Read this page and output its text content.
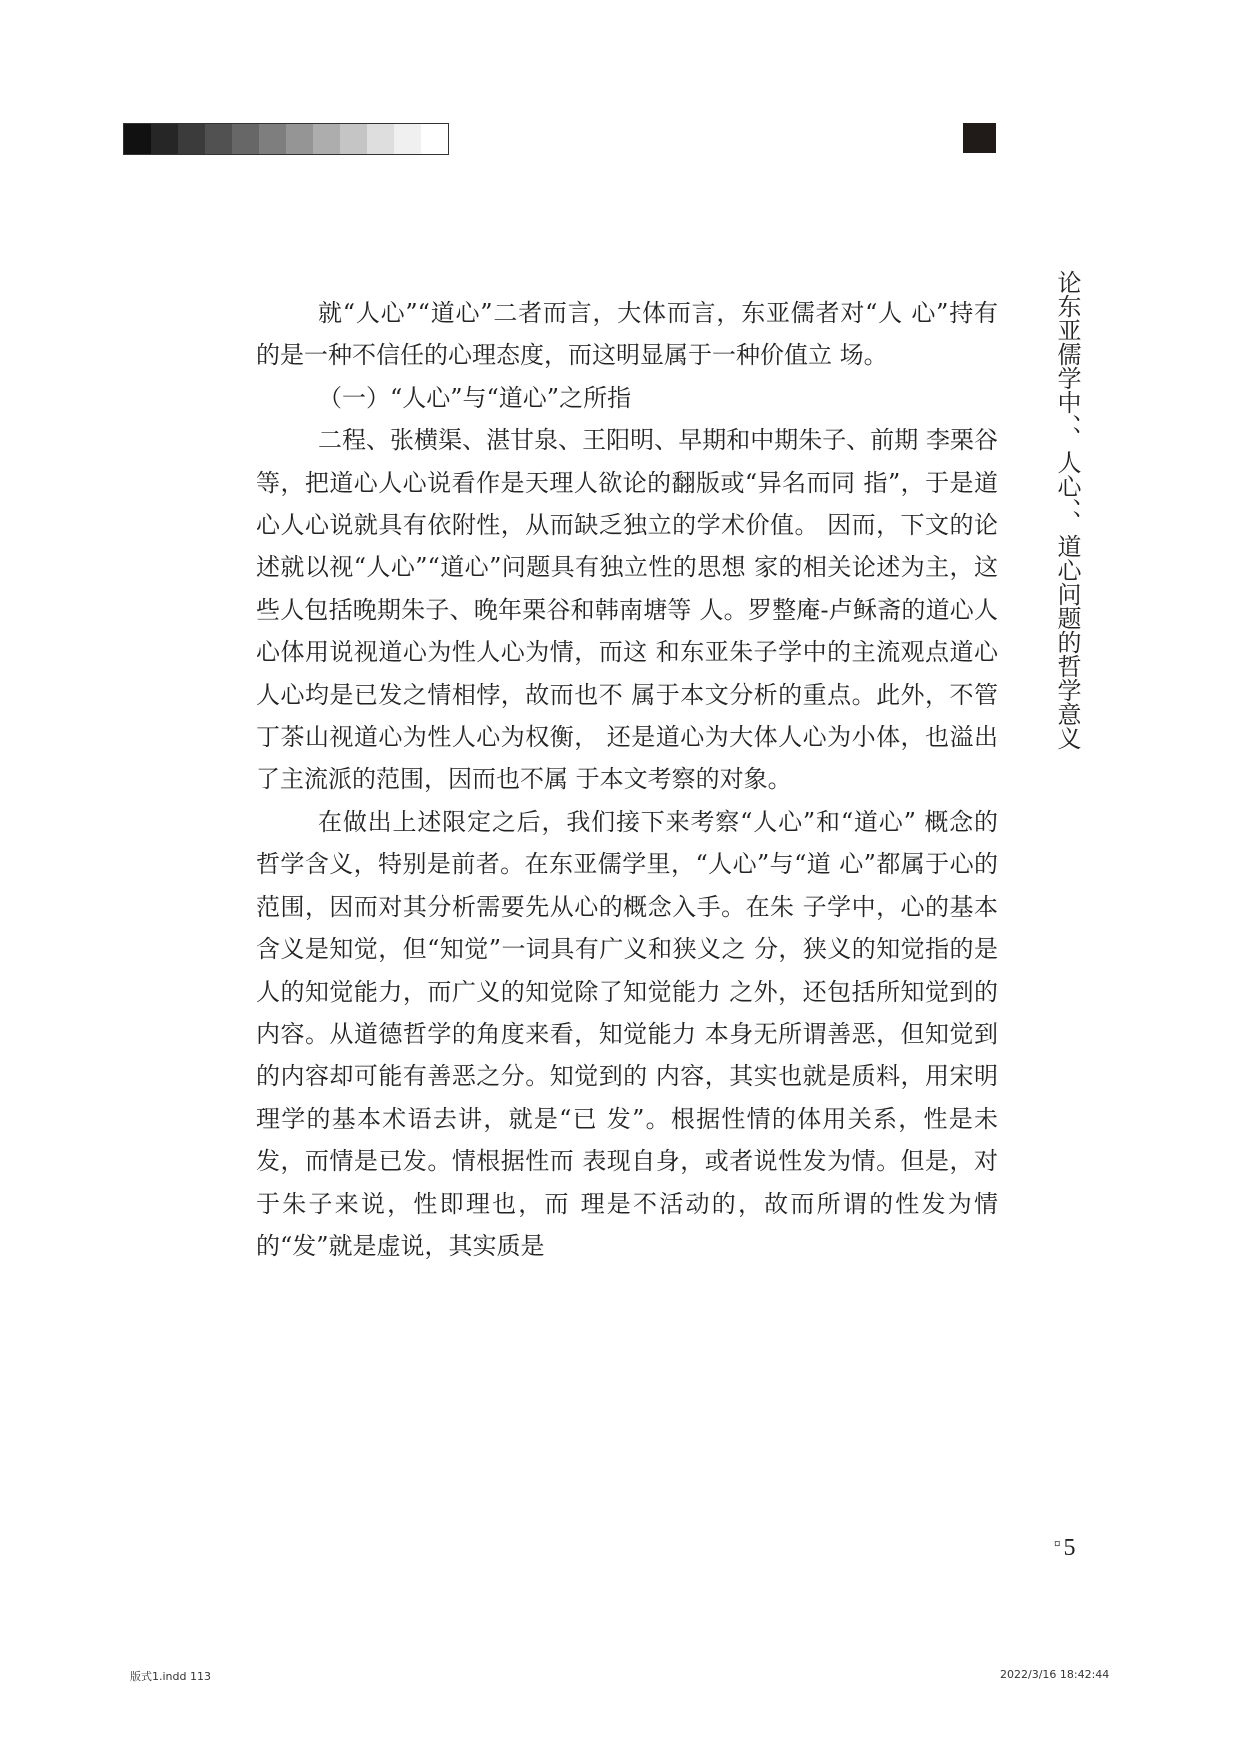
论东亚儒学中、、人心、、道心问题的哲学意义

就“人心”“道心”二者而言，大体而言，东亚儒者对“人 心”持有的是一种不信任的心理态度，而这明显属于一种价值立 场。

（一）“人心”与“道心”之所指

二程、张横渠、湛甘泉、王阳明、早期和中期朱子、前期 李栗谷等，把道心人心说看作是天理人欲论的翻版或“异名而同 指”，于是道心人心说就具有依附性，从而缺乏独立的学术价值。 因而，下文的论述就以视“人心”“道心”问题具有独立性的思想 家的相关论述为主，这些人包括晚期朱子、晚年栗谷和韩南塘等 人。罗整庵-卢稣斋的道心人心体用说视道心为性人心为情，而这 和东亚朱子学中的主流观点道心人心均是已发之情相悖，故而也不 属于本文分析的重点。此外，不管丁茶山视道心为性人心为权衡， 还是道心为大体人心为小体，也溢出了主流派的范围，因而也不属 于本文考察的对象。

在做出上述限定之后，我们接下来考察“人心”和“道心” 概念的哲学含义，特别是前者。在东亚儒学里，“人心”与“道 心”都属于心的范围，因而对其分析需要先从心的概念入手。在朱 子学中，心的基本含义是知觉，但“知觉”一词具有广义和狭义之 分，狭义的知觉指的是人的知觉能力，而广义的知觉除了知觉能力 之外，还包括所知觉到的内容。从道德哲学的角度来看，知觉能力 本身无所谓善恶，但知觉到的内容却可能有善恶之分。知觉到的 内容，其实也就是质料，用宋明理学的基本术语去讲，就是“已 发”。根据性情的体用关系，性是未发，而情是已发。情根据性而 表现自身，或者说性发为情。但是，对于朱子来说，性即理也，而 理是不活动的，故而所谓的性发为情的“发”就是虚说，其实质是

¤ 5
版式1.indd 113	2022/3/16 18:42:44
